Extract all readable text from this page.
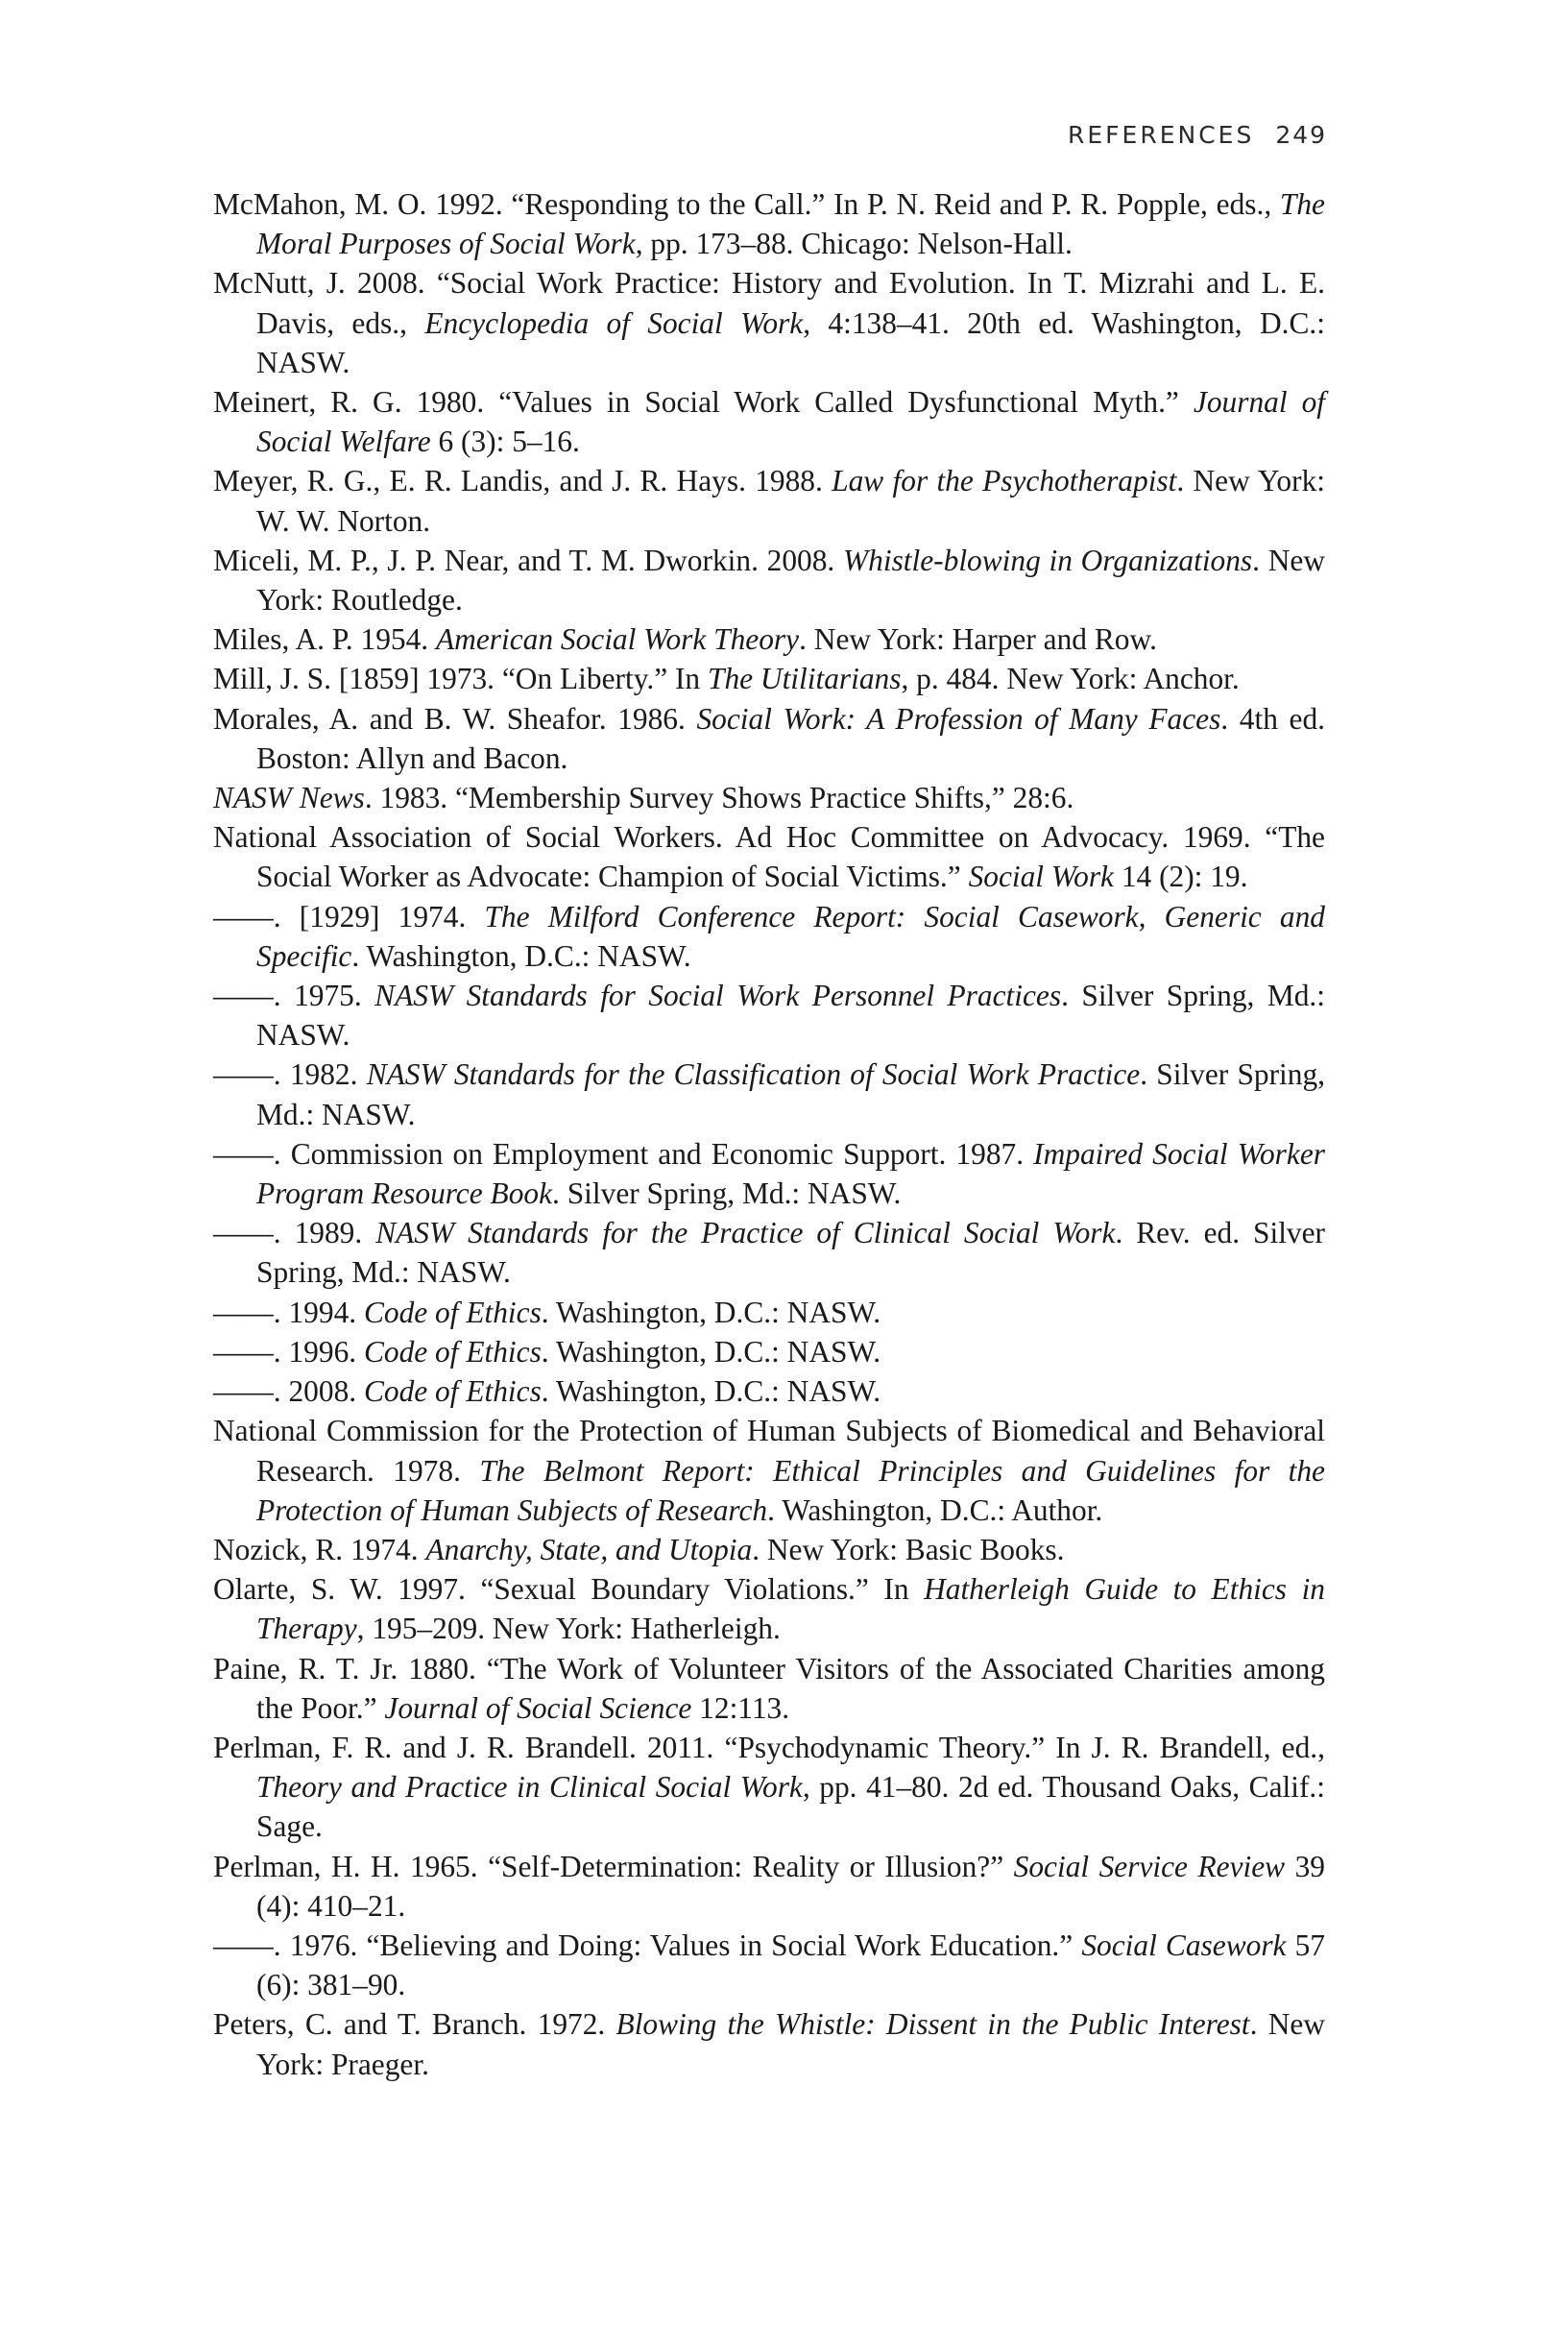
REFERENCES 249

McMahon, M. O. 1992. “Responding to the Call.” In P. N. Reid and P. R. Popple, eds., The Moral Purposes of Social Work, pp. 173–88. Chicago: Nelson-Hall.

McNutt, J. 2008. “Social Work Practice: History and Evolution. In T. Mizrahi and L. E. Davis, eds., Encyclopedia of Social Work, 4:138–41. 20th ed. Washington, D.C.: NASW.

Meinert, R. G. 1980. “Values in Social Work Called Dysfunctional Myth.” Journal of Social Welfare 6 (3): 5–16.

Meyer, R. G., E. R. Landis, and J. R. Hays. 1988. Law for the Psychotherapist. New York: W. W. Norton.

Miceli, M. P., J. P. Near, and T. M. Dworkin. 2008. Whistle-blowing in Organizations. New York: Routledge.

Miles, A. P. 1954. American Social Work Theory. New York: Harper and Row.

Mill, J. S. [1859] 1973. “On Liberty.” In The Utilitarians, p. 484. New York: Anchor.

Morales, A. and B. W. Sheafor. 1986. Social Work: A Profession of Many Faces. 4th ed. Boston: Allyn and Bacon.

NASW News. 1983. “Membership Survey Shows Practice Shifts,” 28:6.

National Association of Social Workers. Ad Hoc Committee on Advocacy. 1969. “The Social Worker as Advocate: Champion of Social Victims.” Social Work 14 (2): 19.

——. [1929] 1974. The Milford Conference Report: Social Casework, Generic and Specific. Washington, D.C.: NASW.

——. 1975. NASW Standards for Social Work Personnel Practices. Silver Spring, Md.: NASW.

——. 1982. NASW Standards for the Classification of Social Work Practice. Silver Spring, Md.: NASW.

——. Commission on Employment and Economic Support. 1987. Impaired Social Worker Program Resource Book. Silver Spring, Md.: NASW.

——. 1989. NASW Standards for the Practice of Clinical Social Work. Rev. ed. Silver Spring, Md.: NASW.

——. 1994. Code of Ethics. Washington, D.C.: NASW.

——. 1996. Code of Ethics. Washington, D.C.: NASW.

——. 2008. Code of Ethics. Washington, D.C.: NASW.

National Commission for the Protection of Human Subjects of Biomedical and Behavioral Research. 1978. The Belmont Report: Ethical Principles and Guidelines for the Protection of Human Subjects of Research. Washington, D.C.: Author.

Nozick, R. 1974. Anarchy, State, and Utopia. New York: Basic Books.

Olarte, S. W. 1997. “Sexual Boundary Violations.” In Hatherleigh Guide to Ethics in Therapy, 195–209. New York: Hatherleigh.

Paine, R. T. Jr. 1880. “The Work of Volunteer Visitors of the Associated Charities among the Poor.” Journal of Social Science 12:113.

Perlman, F. R. and J. R. Brandell. 2011. “Psychodynamic Theory.” In J. R. Brandell, ed., Theory and Practice in Clinical Social Work, pp. 41–80. 2d ed. Thousand Oaks, Calif.: Sage.

Perlman, H. H. 1965. “Self-Determination: Reality or Illusion?” Social Service Review 39 (4): 410–21.

——. 1976. “Believing and Doing: Values in Social Work Education.” Social Casework 57 (6): 381–90.

Peters, C. and T. Branch. 1972. Blowing the Whistle: Dissent in the Public Interest. New York: Praeger.
